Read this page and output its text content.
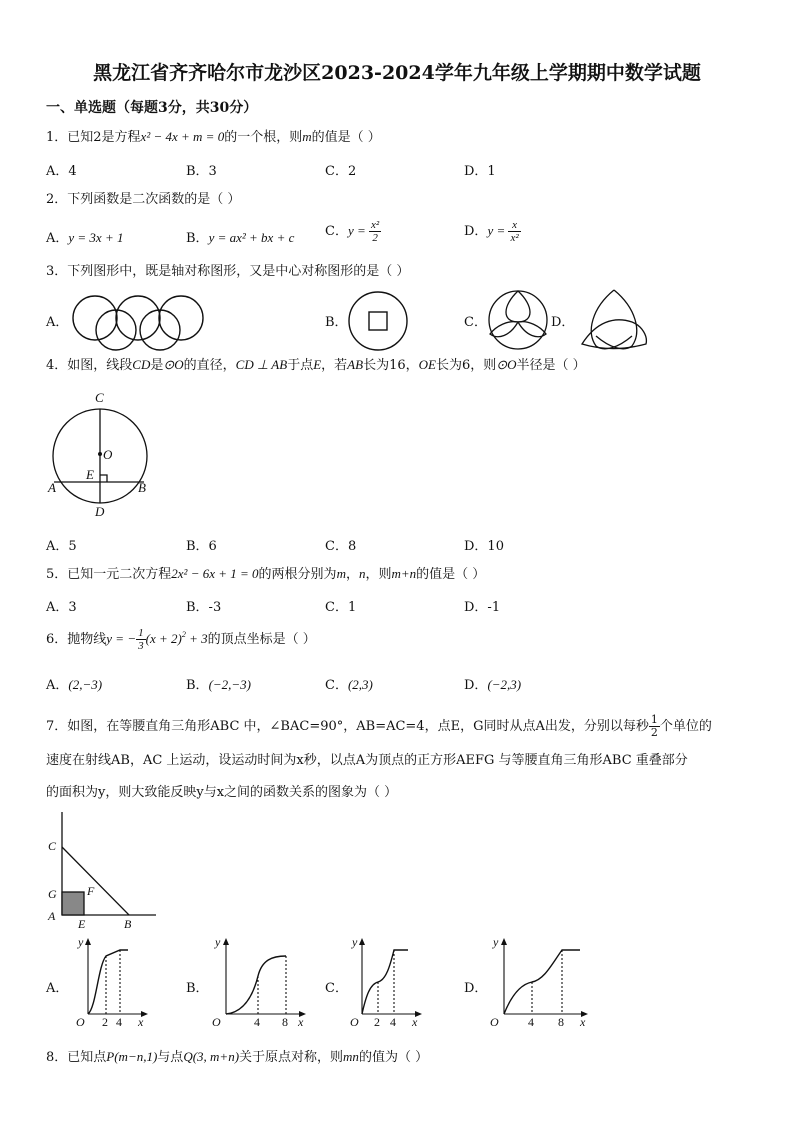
黑龙江省齐齐哈尔市龙沙区2023-2024学年九年级上学期期中数学试题
一、单选题（每题3分，共30分）
1．已知2是方程x² − 4x + m = 0的一个根，则m的值是（ ）
A．4	B．3	C．2	D．1
2．下列函数是二次函数的是（ ）
A．y = 3x + 1	B．y = ax² + bx + c C．$y = \frac{\text{x²}}{2}$	D．$y = \frac{x}{\text{x²}}$
3．下列图形中，既是轴对称图形，又是中心对称图形的是（ ）
A．	B．	C．	D．
4．如图，线段CD是⊙O的直径，CD ⊥ AB于点E，若AB长为16，OE长为6，则⊙O半径是（ ）
C
O
E
A	B
D
A．5	B．6	C．8	D．10
5．已知一元二次方程2x² − 6x + 1 = 0的两根分别为m，n，则m+n的值是（ ）
A．3	B．-3	C．1	D．-1
6．抛物线y = − $\frac{1}{3} (x + 2)^2 + 3$的顶点坐标是（ ）
A．(2,−3)	B．(−2,−3)	C．(2,3)	D．(−2,3)
7．如图，在等腰直角三角形ABC 中，∠BAC=90°，AB=AC=4，点E，G同时从点A出发，分别以每秒 $\frac{1}{2}$ 个单位的
速度在射线AB，AC 上运动，设运动时间为x秒，以点A为顶点的正方形AEFG 与等腰直角三角形ABC 重叠部分
的面积为y，则大致能反映y与x之间的函数关系的图象为（ ）
C
G	F
A
E	B
A．
y
x
O 2 4
B．
y
x
O	4 8
C．
y
x
O 2 4
D．
y
x
O 4 8
8．已知点P(m−n,1)与点Q(3, m+n)关于原点对称，则mn的值为（ ）
